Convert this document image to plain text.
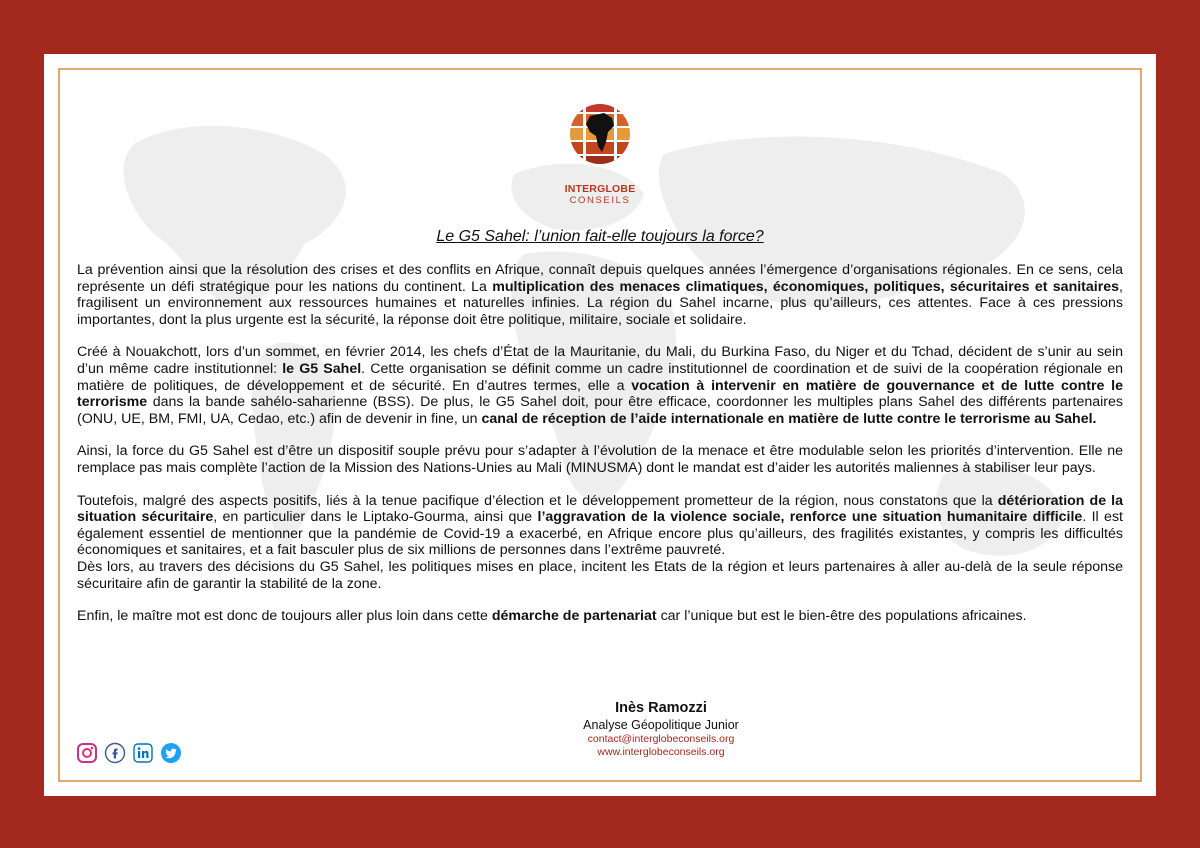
INTERGLOBE
CONSEILS
Le G5 Sahel: l’union fait-elle toujours la force?

La prévention ainsi que la résolution des crises et des conflits en Afrique, connaît depuis quelques années l’émergence d’organisations régionales. En ce sens, cela représente un défi stratégique pour les nations du continent. La multiplication des menaces climatiques, économiques, politiques, sécuritaires et sanitaires, fragilisent un environnement aux ressources humaines et naturelles infinies. La région du Sahel incarne, plus qu’ailleurs, ces attentes. Face à ces pressions importantes, dont la plus urgente est la sécurité, la réponse doit être politique, militaire, sociale et solidaire.

Créé à Nouakchott, lors d’un sommet, en février 2014, les chefs d’État de la Mauritanie, du Mali, du Burkina Faso, du Niger et du Tchad, décident de s’unir au sein d’un même cadre institutionnel: le G5 Sahel. Cette organisation se définit comme un cadre institutionnel de coordination et de suivi de la coopération régionale en matière de politiques, de développement et de sécurité. En d’autres termes, elle a vocation à intervenir en matière de gouvernance et de lutte contre le terrorisme dans la bande sahélo-saharienne (BSS). De plus, le G5 Sahel doit, pour être efficace, coordonner les multiples plans Sahel des différents partenaires (ONU, UE, BM, FMI, UA, Cedao, etc.) afin de devenir in fine, un canal de réception de l’aide internationale en matière de lutte contre le terrorisme au Sahel.

Ainsi, la force du G5 Sahel est d’être un dispositif souple prévu pour s’adapter à l’évolution de la menace et être modulable selon les priorités d’intervention. Elle ne remplace pas mais complète l’action de la Mission des Nations-Unies au Mali (MINUSMA) dont le mandat est d’aider les autorités maliennes à stabiliser leur pays.

Toutefois, malgré des aspects positifs, liés à la tenue pacifique d’élection et le développement prometteur de la région, nous constatons que la détérioration de la situation sécuritaire, en particulier dans le Liptako-Gourma, ainsi que l’aggravation de la violence sociale, renforce une situation humanitaire difficile. Il est également essentiel de mentionner que la pandémie de Covid-19 a exacerbé, en Afrique encore plus qu’ailleurs, des fragilités existantes, y compris les difficultés économiques et sanitaires, et a fait basculer plus de six millions de personnes dans l’extrême pauvreté.

Dès lors, au travers des décisions du G5 Sahel, les politiques mises en place, incitent les Etats de la région et leurs partenaires à aller au-delà de la seule réponse sécuritaire afin de garantir la stabilité de la zone.

Enfin, le maître mot est donc de toujours aller plus loin dans cette démarche de partenariat car l’unique but est le bien-être des populations africaines.

Inès Ramozzi
Analyse Géopolitique Junior
contact@interglobeconseils.org
www.interglobeconseils.org
